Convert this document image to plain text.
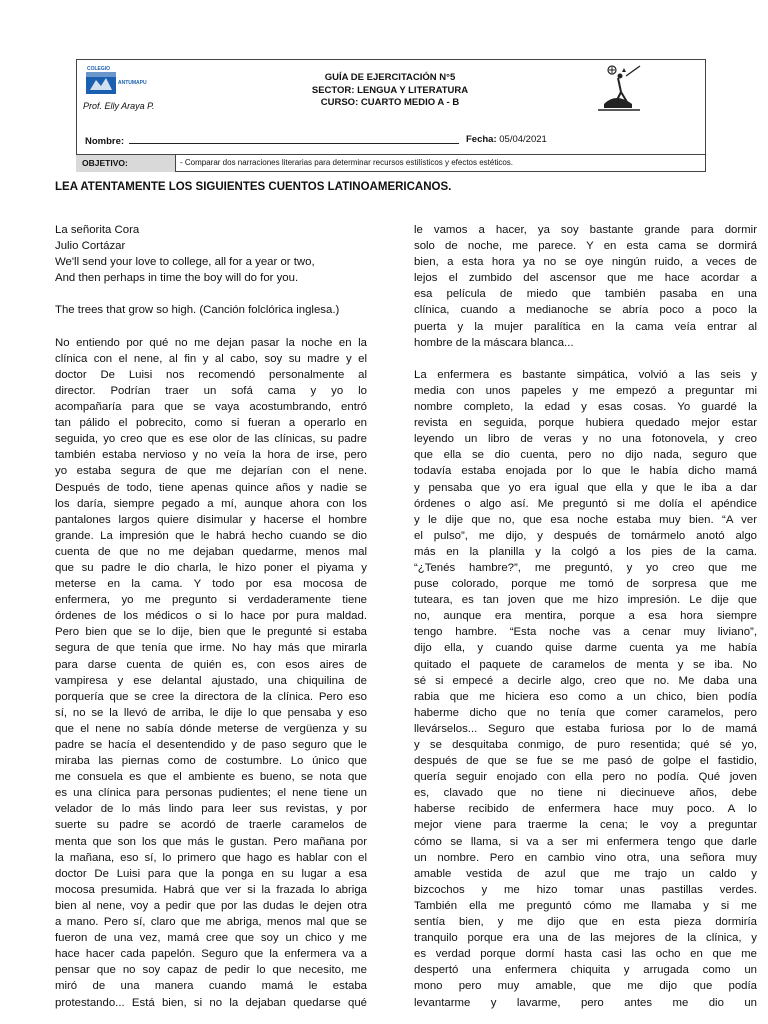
COLEGIO
ANTUMAPU
Prof. Elly Araya P.
GUÍA DE EJERCITACIÓN N°5
SECTOR: LENGUA Y LITERATURA
CURSO: CUARTO MEDIO A - B
Nombre:	Fecha: 05/04/2021
OBJETIVO:	- Comparar dos narraciones literarias para determinar recursos estilísticos y efectos estéticos.
LEA ATENTAMENTE LOS SIGUIENTES CUENTOS LATINOAMERICANOS.
La señorita Cora
Julio Cortázar
We'll send your love to college, all for a year or two,
And then perhaps in time the boy will do for you.
The trees that grow so high. (Canción folclórica inglesa.)
No entiendo por qué no me dejan pasar la noche en la
clínica con el nene, al fin y al cabo, soy su madre y el
doctor De Luisi nos recomendó personalmente al
director. Podrían traer un sofá cama y yo lo
acompañaría para que se vaya acostumbrando, entró
tan pálido el pobrecito, como si fueran a operarlo en
seguida, yo creo que es ese olor de las clínicas, su padre
también estaba nervioso y no veía la hora de irse, pero
yo estaba segura de que me dejarían con el nene.
Después de todo, tiene apenas quince años y nadie se
los daría, siempre pegado a mí, aunque ahora con los
pantalones largos quiere disimular y hacerse el hombre
grande. La impresión que le habrá hecho cuando se dio
cuenta de que no me dejaban quedarme, menos mal
que su padre le dio charla, le hizo poner el piyama y
meterse en la cama. Y todo por esa mocosa de
enfermera, yo me pregunto si verdaderamente tiene
órdenes de los médicos o si lo hace por pura maldad.
Pero bien que se lo dije, bien que le pregunté si estaba
segura de que tenía que irme. No hay más que mirarla
para darse cuenta de quién es, con esos aires de
vampiresa y ese delantal ajustado, una chiquilina de
porquería que se cree la directora de la clínica. Pero eso
sí, no se la llevó de arriba, le dije lo que pensaba y eso
que el nene no sabía dónde meterse de vergüenza y su
padre se hacía el desentendido y de paso seguro que le
miraba las piernas como de costumbre. Lo único que
me consuela es que el ambiente es bueno, se nota que
es una clínica para personas pudientes; el nene tiene un
velador de lo más lindo para leer sus revistas, y por
suerte su padre se acordó de traerle caramelos de
menta que son los que más le gustan. Pero mañana por
la mañana, eso sí, lo primero que hago es hablar con el
doctor De Luisi para que la ponga en su lugar a esa
mocosa presumida. Habrá que ver si la frazada lo abriga
bien al nene, voy a pedir que por las dudas le dejen otra
a mano. Pero sí, claro que me abriga, menos mal que se
fueron de una vez, mamá cree que soy un chico y me
hace hacer cada papelón. Seguro que la enfermera va a
pensar que no soy capaz de pedir lo que necesito, me
miró de una manera cuando mamá le estaba
protestando... Está bien, si no la dejaban quedarse qué
le vamos a hacer, ya soy bastante grande para dormir
solo de noche, me parece. Y en esta cama se dormirá
bien, a esta hora ya no se oye ningún ruido, a veces de
lejos el zumbido del ascensor que me hace acordar a
esa película de miedo que también pasaba en una
clínica, cuando a medianoche se abría poco a poco la
puerta y la mujer paralítica en la cama veía entrar al
hombre de la máscara blanca...
La enfermera es bastante simpática, volvió a las seis y
media con unos papeles y me empezó a preguntar mi
nombre completo, la edad y esas cosas. Yo guardé la
revista en seguida, porque hubiera quedado mejor estar
leyendo un libro de veras y no una fotonovela, y creo
que ella se dio cuenta, pero no dijo nada, seguro que
todavía estaba enojada por lo que le había dicho mamá
y pensaba que yo era igual que ella y que le iba a dar
órdenes o algo así. Me preguntó si me dolía el apéndice
y le dije que no, que esa noche estaba muy bien. “A ver
el pulso”, me dijo, y después de tomármelo anotó algo
más en la planilla y la colgó a los pies de la cama.
“¿Tenés hambre?”, me preguntó, y yo creo que me
puse colorado, porque me tomó de sorpresa que me
tuteara, es tan joven que me hizo impresión. Le dije que
no, aunque era mentira, porque a esa hora siempre
tengo hambre. “Esta noche vas a cenar muy liviano”,
dijo ella, y cuando quise darme cuenta ya me había
quitado el paquete de caramelos de menta y se iba. No
sé si empecé a decirle algo, creo que no. Me daba una
rabia que me hiciera eso como a un chico, bien podía
haberme dicho que no tenía que comer caramelos, pero
llevárselos... Seguro que estaba furiosa por lo de mamá
y se desquitaba conmigo, de puro resentida; qué sé yo,
después de que se fue se me pasó de golpe el fastidio,
quería seguir enojado con ella pero no podía. Qué joven
es, clavado que no tiene ni diecinueve años, debe
haberse recibido de enfermera hace muy poco. A lo
mejor viene para traerme la cena; le voy a preguntar
cómo se llama, si va a ser mi enfermera tengo que darle
un nombre. Pero en cambio vino otra, una señora muy
amable vestida de azul que me trajo un caldo y
bizcochos y me hizo tomar unas pastillas verdes.
También ella me preguntó cómo me llamaba y si me
sentía bien, y me dijo que en esta pieza dormiría
tranquilo porque era una de las mejores de la clínica, y
es verdad porque dormí hasta casi las ocho en que me
despertó una enfermera chiquita y arrugada como un
mono pero muy amable, que me dijo que podía
levantarme y lavarme, pero antes me dio un
